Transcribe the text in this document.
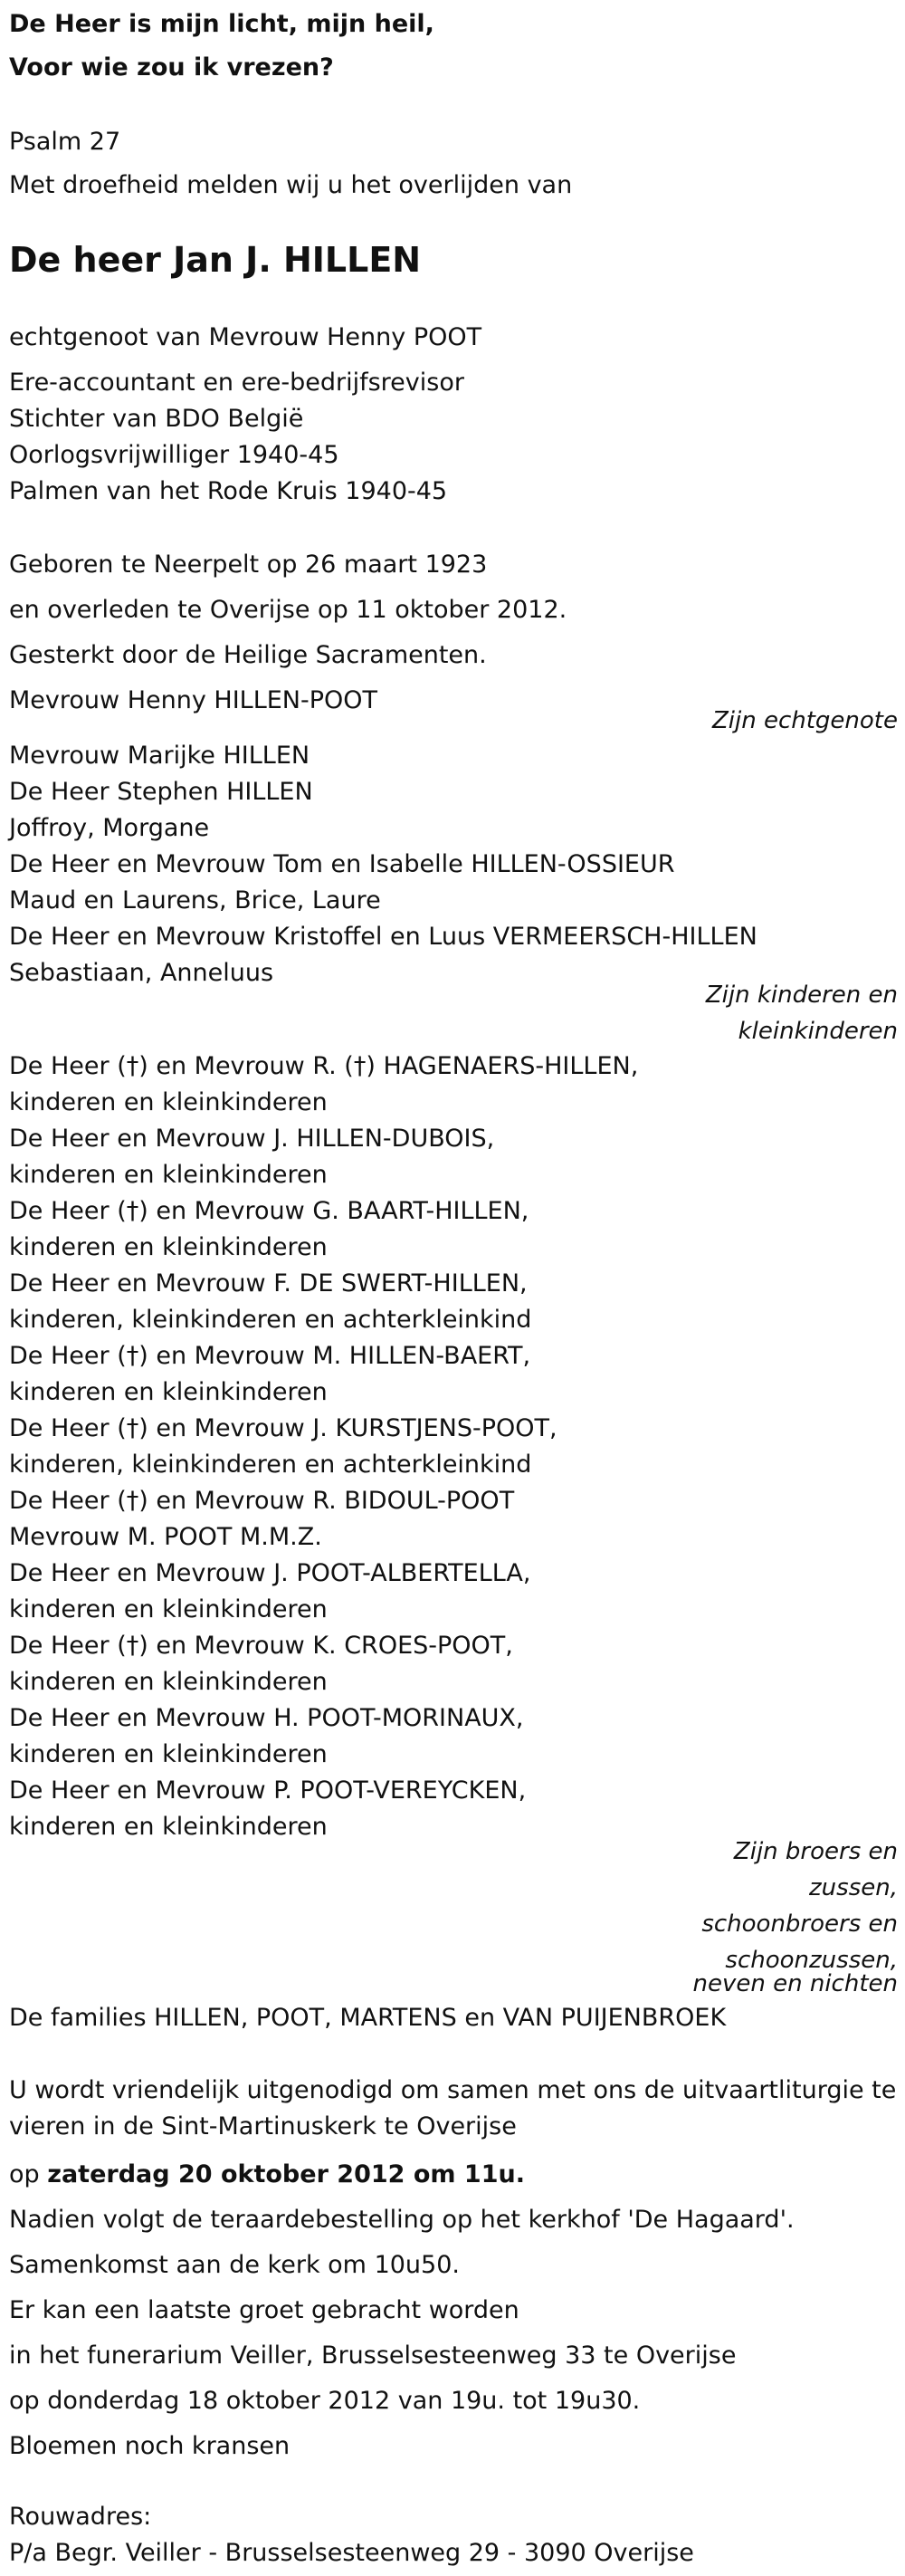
De Heer is mijn licht, mijn heil,

Voor wie zou ik vrezen?

Psalm 27

Met droefheid melden wij u het overlijden van

De heer Jan J. HILLEN

echtgenoot van Mevrouw Henny POOT

Ere-accountant en ere-bedrijfsrevisor

Stichter van BDO België

Oorlogsvrijwilliger 1940-45

Palmen van het Rode Kruis 1940-45

Geboren te Neerpelt op 26 maart 1923

en overleden te Overijse op 11 oktober 2012.

Gesterkt door de Heilige Sacramenten.

Mevrouw Henny HILLEN-POOT

Zijn echtgenote

Mevrouw Marijke HILLEN

De Heer Stephen HILLEN

Joffroy, Morgane

De Heer en Mevrouw Tom en Isabelle HILLEN-OSSIEUR

Maud en Laurens, Brice, Laure

De Heer en Mevrouw Kristoffel en Luus VERMEERSCH-HILLEN

Sebastiaan, Anneluus

Zijn kinderen en
kleinkinderen

De Heer (†) en Mevrouw R. (†) HAGENAERS-HILLEN,

kinderen en kleinkinderen

De Heer en Mevrouw J. HILLEN-DUBOIS,

kinderen en kleinkinderen

De Heer (†) en Mevrouw G. BAART-HILLEN,

kinderen en kleinkinderen

De Heer en Mevrouw F. DE SWERT-HILLEN,

kinderen, kleinkinderen en achterkleinkind

De Heer (†) en Mevrouw M. HILLEN-BAERT,

kinderen en kleinkinderen

De Heer (†) en Mevrouw J. KURSTJENS-POOT,

kinderen, kleinkinderen en achterkleinkind

De Heer (†) en Mevrouw R. BIDOUL-POOT

Mevrouw M. POOT M.M.Z.

De Heer en Mevrouw J. POOT-ALBERTELLA,

kinderen en kleinkinderen

De Heer (†) en Mevrouw K. CROES-POOT,

kinderen en kleinkinderen

De Heer en Mevrouw H. POOT-MORINAUX,

kinderen en kleinkinderen

De Heer en Mevrouw P. POOT-VEREYCKEN,

kinderen en kleinkinderen

Zijn broers en
zussen,
schoonbroers en
schoonzussen,
neven en nichten

De families HILLEN, POOT, MARTENS en VAN PUIJENBROEK

U wordt vriendelijk uitgenodigd om samen met ons de uitvaartliturgie te

vieren in de Sint-Martinuskerk te Overijse

op zaterdag 20 oktober 2012 om 11u.

Nadien volgt de teraardebestelling op het kerkhof 'De Hagaard'.

Samenkomst aan de kerk om 10u50.

Er kan een laatste groet gebracht worden

in het funerarium Veiller, Brusselsesteenweg 33 te Overijse

op donderdag 18 oktober 2012 van 19u. tot 19u30.

Bloemen noch kransen

Rouwadres:

P/a Begr. Veiller - Brusselsesteenweg 29 - 3090 Overijse
